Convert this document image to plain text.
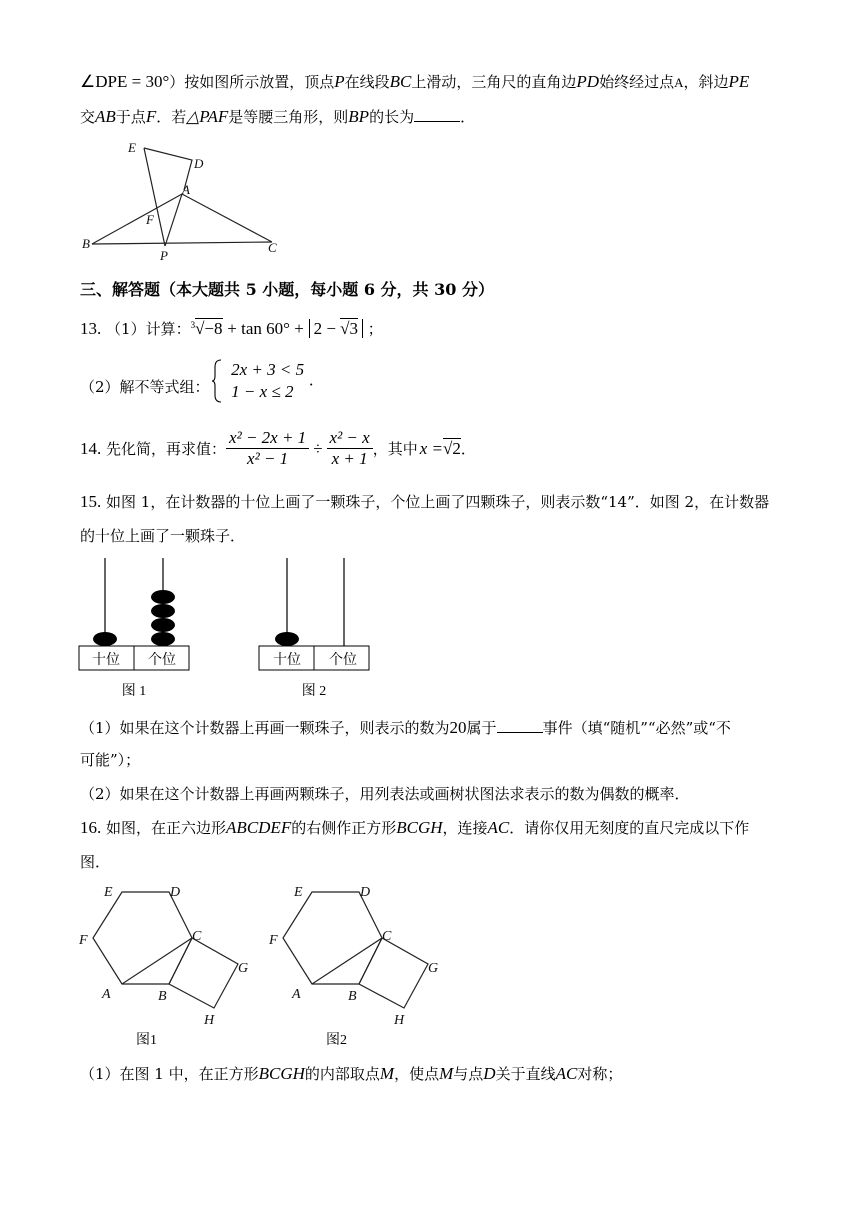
∠DPE = 30°）按如图所示放置，顶点P在线段BC上滑动，三角尺的直角边PD始终经过点A，斜边PE
交AB于点F．若△PAF是等腰三角形，则BP的长为	．
E
D
A
F
B
P
C
三、解答题（本大题共 5 小题，每小题 6 分，共 30 分）
13. （1）计算：$^3$√−8 + tan 60° + 2 − √3 ；
（2）解不等式组：
2x + 3 < 5
1 − x ≤ 2
．
14.
先化简，再求值： $\frac{\text{x² − 2x + 1}}{\text{x² − 1}} \div \frac{\text{x² − x}}{x + 1}$ ，其中 x = √2 ．
15. 如图 1，在计数器的十位上画了一颗珠子，个位上画了四颗珠子，则表示数“14”．如图 2，在计数器
的十位上画了一颗珠子．
十位 个位
图 1
十位 个位
图 2
（1）如果在这个计数器上再画一颗珠子，则表示的数为20属于	事件（填“随机”“必然”或“不
可能”）；
（2）如果在这个计数器上再画两颗珠子，用列表法或画树状图法求表示的数为偶数的概率．
16. 如图，在正六边形ABCDEF的右侧作正方形BCGH，连接AC．请你仅用无刻度的直尺完成以下作
图．
E	D
F	C
G
A	B
H
图1
E	D
F	C
G
A	B
H
图2
（1）在图 1 中，在正方形BCGH的内部取点M，使点M与点D关于直线AC对称；
